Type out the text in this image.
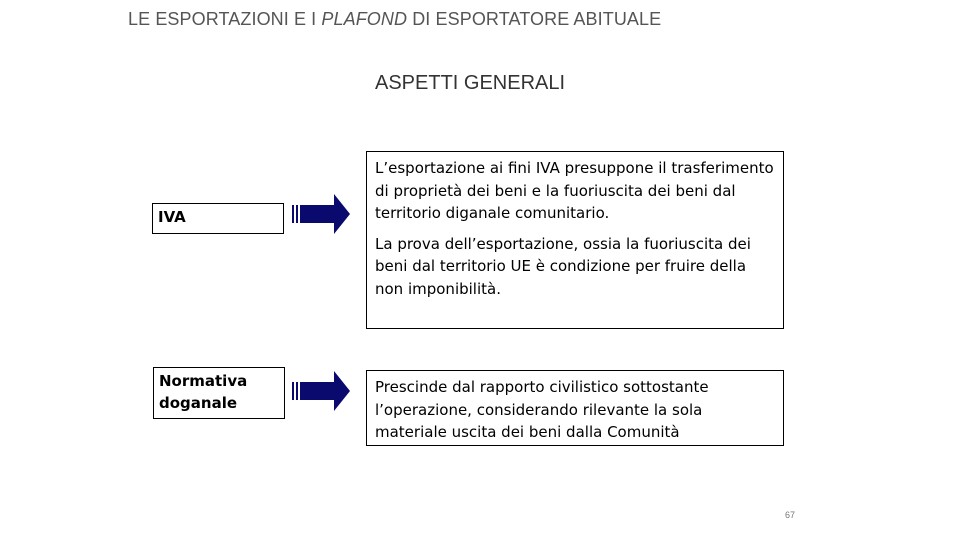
LE ESPORTAZIONI E I PLAFOND DI ESPORTATORE ABITUALE
ASPETTI GENERALI
IVA

L’esportazione ai fini IVA presuppone il trasferimento di proprietà dei beni e la fuoriuscita dei beni dal territorio diganale comunitario.

La prova dell’esportazione, ossia la fuoriuscita dei beni dal territorio UE è condizione per fruire della non imponibilità.

Normativa
doganale

Prescinde dal rapporto civilistico sottostante l’operazione, considerando rilevante la sola materiale uscita dei beni dalla Comunità

67
